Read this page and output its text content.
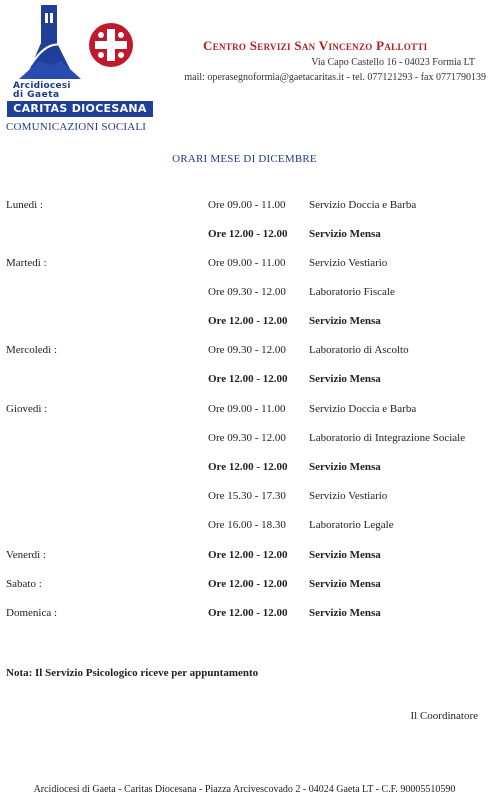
Arcidiocesi
di Gaeta
CARITAS DIOCESANA
COMUNICAZIONI SOCIALI
Centro Servizi San Vincenzo Pallotti
Via Capo Castello 16 - 04023 Formia LT
mail: operasegnoformia@gaetacaritas.it - tel. 077121293 - fax 0771790139
ORARI MESE DI DICEMBRE
Lunedì :	Ore 09.00 - 11.00 Servizio Doccia e Barba
Ore 12.00 - 12.00 Servizio Mensa
Martedì :	Ore 09.00 - 11.00 Servizio Vestiario
Ore 09.30 - 12.00 Laboratorio Fiscale
Ore 12.00 - 12.00 Servizio Mensa
Mercoledì :	Ore 09.30 - 12.00 Laboratorio di Ascolto
Ore 12.00 - 12.00 Servizio Mensa
Giovedì :	Ore 09.00 - 11.00 Servizio Doccia e Barba
Ore 09.30 - 12.00 Laboratorio di Integrazione Sociale
Ore 12.00 - 12.00 Servizio Mensa
Ore 15.30 - 17.30 Servizio Vestiario
Ore 16.00 - 18.30 Laboratorio Legale
Venerdì :	Ore 12.00 - 12.00 Servizio Mensa
Sabato :	Ore 12.00 - 12.00 Servizio Mensa
Domenica :	Ore 12.00 - 12.00 Servizio Mensa
Nota: Il Servizio Psicologico riceve per appuntamento
Il Coordinatore
Arcidiocesi di Gaeta - Caritas Diocesana - Piazza Arcivescovado 2 - 04024 Gaeta LT - C.F. 90005510590
